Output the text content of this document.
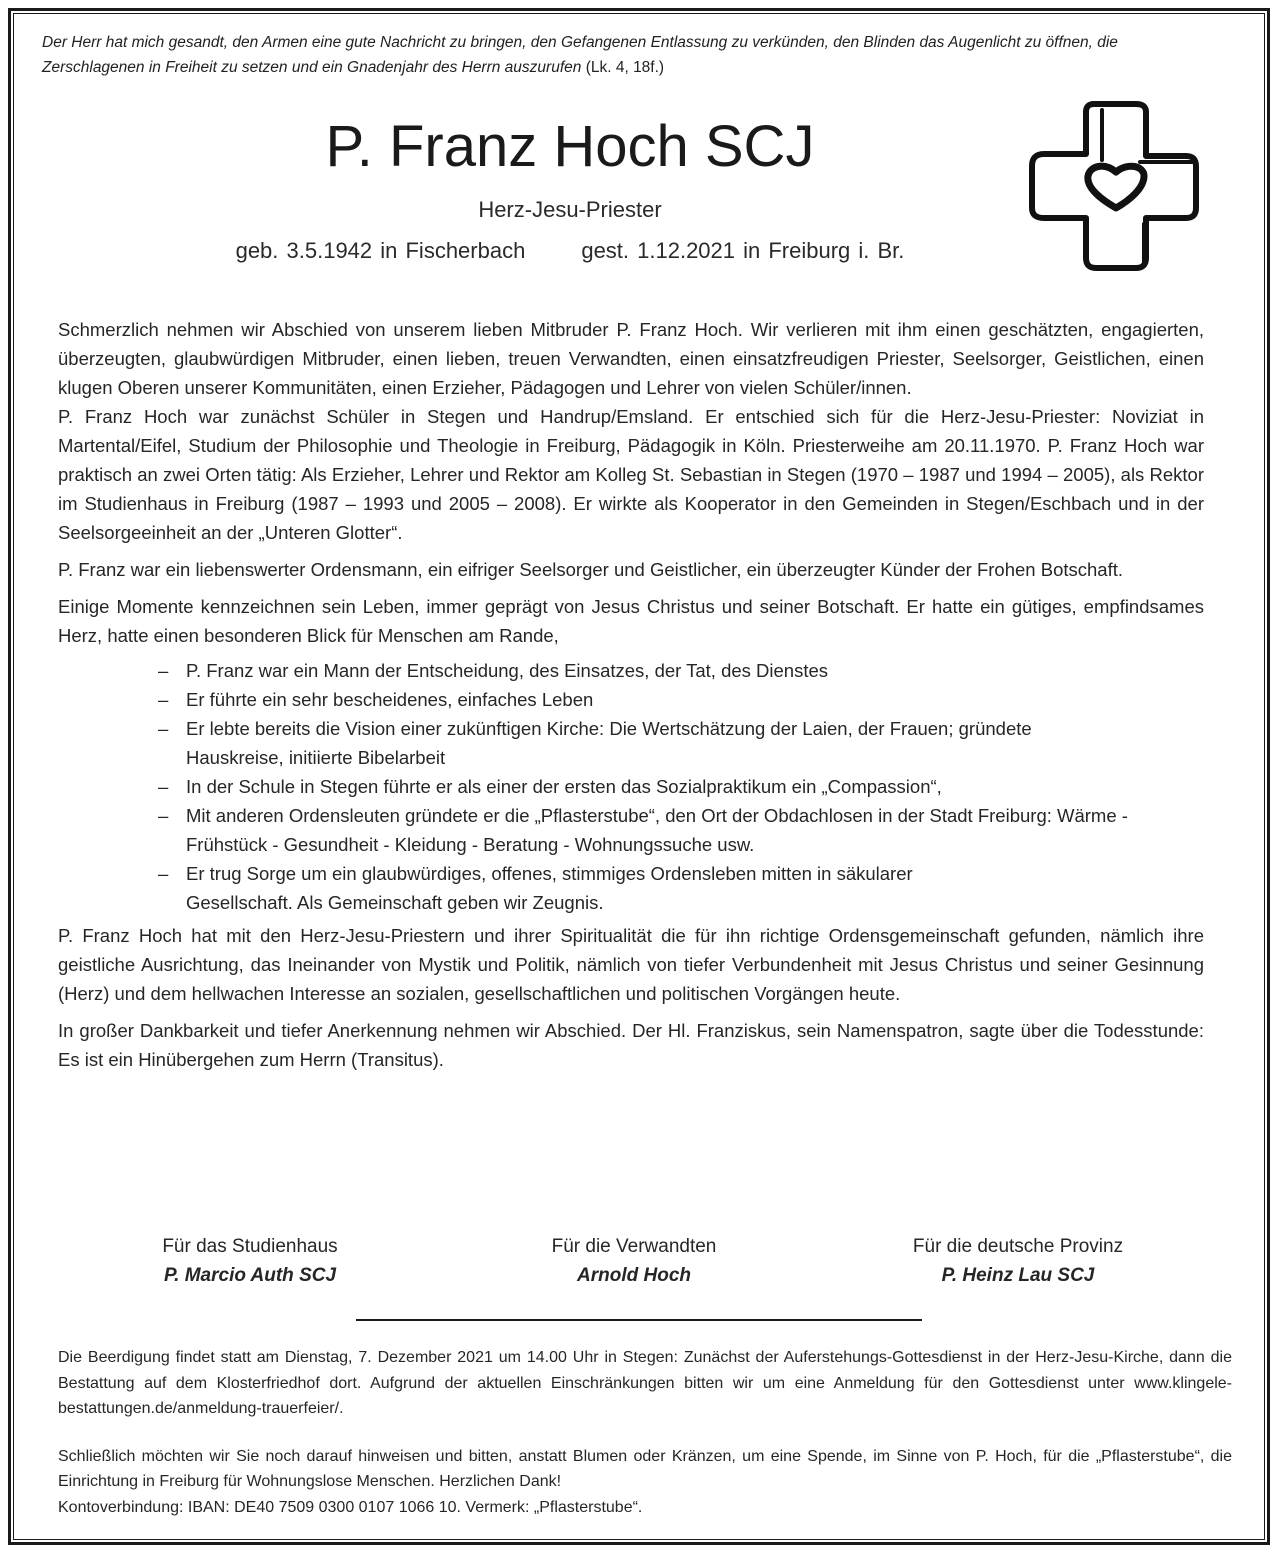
Der Herr hat mich gesandt, den Armen eine gute Nachricht zu bringen, den Gefangenen Entlassung zu verkünden, den Blinden das Augenlicht zu öffnen, die Zerschlagenen in Freiheit zu setzen und ein Gnadenjahr des Herrn auszurufen (Lk. 4, 18f.)
P. Franz Hoch SCJ
Herz-Jesu-Priester
geb. 3.5.1942 in Fischerbach	gest. 1.12.2021 in Freiburg i. Br.

Schmerzlich nehmen wir Abschied von unserem lieben Mitbruder P. Franz Hoch. Wir verlieren mit ihm einen geschätzten, engagierten, überzeugten, glaubwürdigen Mitbruder, einen lieben, treuen Verwandten, einen einsatzfreudigen Priester, Seelsorger, Geistlichen, einen klugen Oberen unserer Kommunitäten, einen Erzieher, Pädagogen und Lehrer von vielen Schüler/innen.

P. Franz Hoch war zunächst Schüler in Stegen und Handrup/Emsland. Er entschied sich für die Herz-Jesu-Priester: Noviziat in Martental/Eifel, Studium der Philosophie und Theologie in Freiburg, Pädagogik in Köln. Priesterweihe am 20.11.1970. P. Franz Hoch war praktisch an zwei Orten tätig: Als Erzieher, Lehrer und Rektor am Kolleg St. Sebastian in Stegen (1970 – 1987 und 1994 – 2005), als Rektor im Studienhaus in Freiburg (1987 – 1993 und 2005 – 2008). Er wirkte als Kooperator in den Gemeinden in Stegen/Eschbach und in der Seelsorgeeinheit an der „Unteren Glotter“.

P. Franz war ein liebenswerter Ordensmann, ein eifriger Seelsorger und Geistlicher, ein überzeugter Künder der Frohen Botschaft.

Einige Momente kennzeichnen sein Leben, immer geprägt von Jesus Christus und seiner Botschaft. Er hatte ein gütiges, empfindsames Herz, hatte einen besonderen Blick für Menschen am Rande,

– P. Franz war ein Mann der Entscheidung, des Einsatzes, der Tat, des Dienstes
– Er führte ein sehr bescheidenes, einfaches Leben
– Er lebte bereits die Vision einer zukünftigen Kirche: Die Wertschätzung der Laien, der Frauen; gründete Hauskreise, initiierte Bibelarbeit
– In der Schule in Stegen führte er als einer der ersten das Sozialpraktikum ein „Compassion“,
– Mit anderen Ordensleuten gründete er die „Pflasterstube“, den Ort der Obdachlosen in der Stadt Freiburg: Wärme - Frühstück - Gesundheit - Kleidung - Beratung - Wohnungssuche usw.
– Er trug Sorge um ein glaubwürdiges, offenes, stimmiges Ordensleben mitten in säkularer Gesellschaft. Als Gemeinschaft geben wir Zeugnis.

P. Franz Hoch hat mit den Herz-Jesu-Priestern und ihrer Spiritualität die für ihn richtige Ordensgemeinschaft gefunden, nämlich ihre geistliche Ausrichtung, das Ineinander von Mystik und Politik, nämlich von tiefer Verbundenheit mit Jesus Christus und seiner Gesinnung (Herz) und dem hellwachen Interesse an sozialen, gesellschaftlichen und politischen Vorgängen heute.

In großer Dankbarkeit und tiefer Anerkennung nehmen wir Abschied. Der Hl. Franziskus, sein Namenspatron, sagte über die Todesstunde: Es ist ein Hinübergehen zum Herrn (Transitus).

Für das Studienhaus
P. Marcio Auth SCJ
Für die Verwandten
Arnold Hoch
Für die deutsche Provinz
P. Heinz Lau SCJ

Die Beerdigung findet statt am Dienstag, 7. Dezember 2021 um 14.00 Uhr in Stegen: Zunächst der Auferstehungs-Gottesdienst in der Herz-Jesu-Kirche, dann die Bestattung auf dem Klosterfriedhof dort. Aufgrund der aktuellen Einschränkungen bitten wir um eine Anmeldung für den Gottesdienst unter www.klingele-bestattungen.de/anmeldung-trauerfeier/.

Schließlich möchten wir Sie noch darauf hinweisen und bitten, anstatt Blumen oder Kränzen, um eine Spende, im Sinne von P. Hoch, für die „Pflasterstube“, die Einrichtung in Freiburg für Wohnungslose Menschen. Herzlichen Dank!

Kontoverbindung: IBAN: DE40 7509 0300 0107 1066 10. Vermerk: „Pflasterstube“.
